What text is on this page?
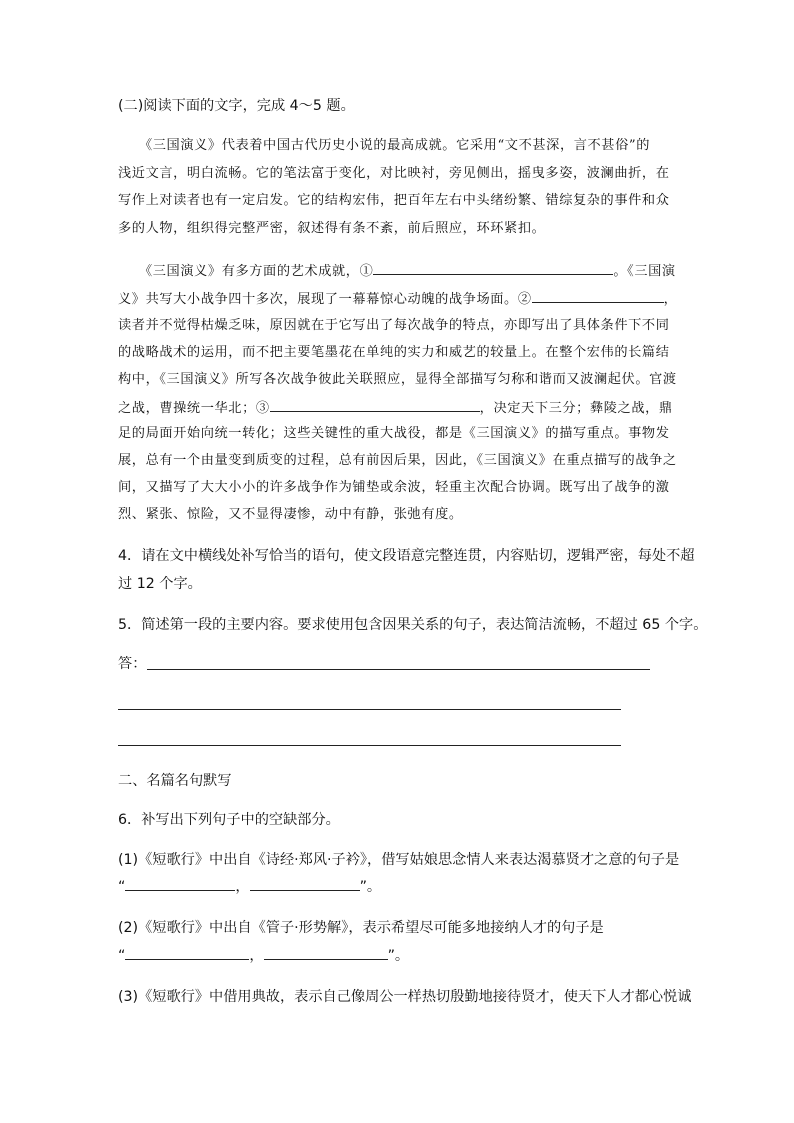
(二)阅读下面的文字，完成 4～5 题。
　　《三国演义》代表着中国古代历史小说的最高成就。它采用“文不甚深，言不甚俗”的
浅近文言，明白流畅。它的笔法富于变化，对比映衬，旁见侧出，摇曳多姿，波澜曲折，在
写作上对读者也有一定启发。它的结构宏伟，把百年左右中头绪纷繁、错综复杂的事件和众
多的人物，组织得完整严密，叙述得有条不紊，前后照应，环环紧扣。
　　《三国演义》有多方面的艺术成就，①	。《三国演
义》共写大小战争四十多次，展现了一幕幕惊心动魄的战争场面。②	，
读者并不觉得枯燥乏味，原因就在于它写出了每次战争的特点，亦即写出了具体条件下不同
的战略战术的运用，而不把主要笔墨花在单纯的实力和威艺的较量上。在整个宏伟的长篇结
构中，《三国演义》所写各次战争彼此关联照应，显得全部描写匀称和谐而又波澜起伏。官渡
之战，曹操统一华北；③	，决定天下三分；彝陵之战，鼎
足的局面开始向统一转化；这些关键性的重大战役，都是《三国演义》的描写重点。事物发
展，总有一个由量变到质变的过程，总有前因后果，因此，《三国演义》在重点描写的战争之
间，又描写了大大小小的许多战争作为铺垫或余波，轻重主次配合协调。既写出了战争的激
烈、紧张、惊险，又不显得凄惨，动中有静，张弛有度。
4．请在文中横线处补写恰当的语句，使文段语意完整连贯，内容贴切，逻辑严密，每处不超
过 12 个字。
5．简述第一段的主要内容。要求使用包含因果关系的句子，表达简洁流畅，不超过 65 个字。
答：
二、名篇名句默写
6．补写出下列句子中的空缺部分。
(1)《短歌行》中出自《诗经·郑风·子衿》，借写姑娘思念情人来表达渴慕贤才之意的句子是
“	，	”。
(2)《短歌行》中出自《管子·形势解》，表示希望尽可能多地接纳人才的句子是
“	，	”。
(3)《短歌行》中借用典故，表示自己像周公一样热切殷勤地接待贤才，使天下人才都心悦诚
